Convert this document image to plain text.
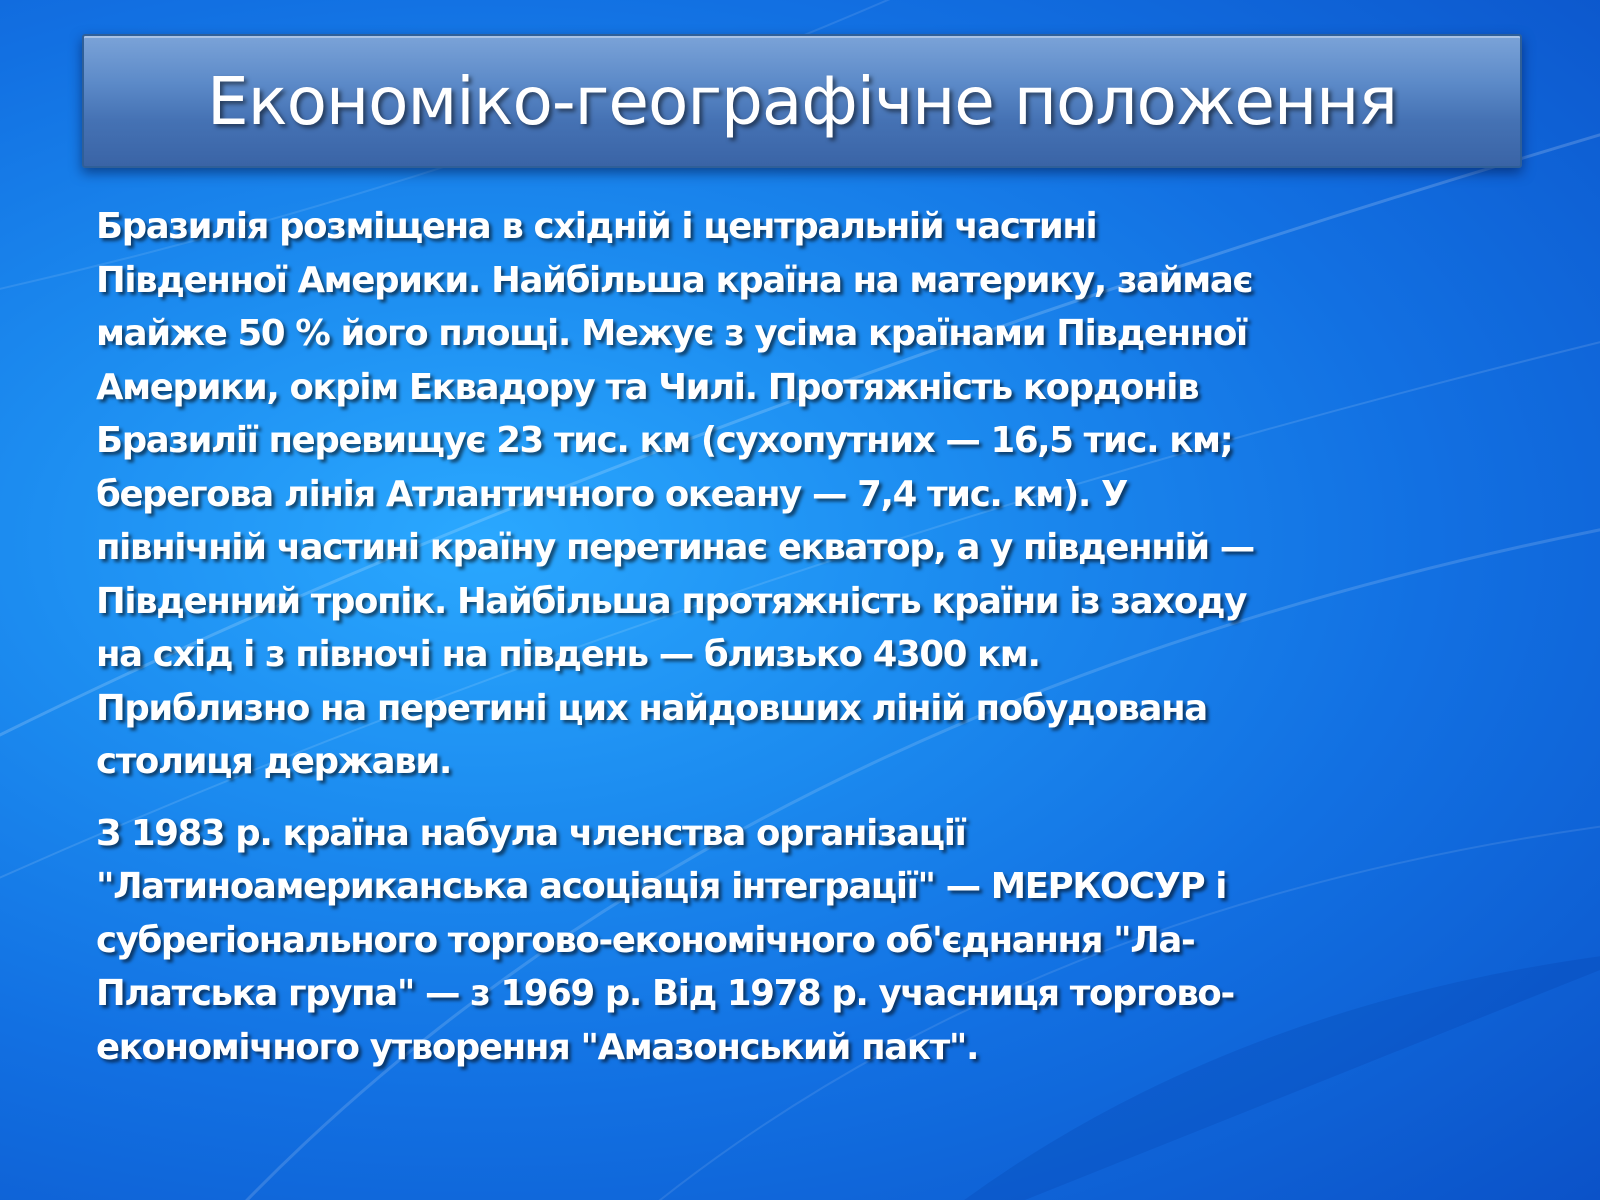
Економіко-географічне положення
Бразилія розміщена в східній і центральній частині
Південної Америки. Найбільша країна на материку, займає
майже 50 % його площі. Межує з усіма країнами Південної
Америки, окрім Еквадору та Чилі. Протяжність кордонів
Бразилії перевищує 23 тис. км (сухопутних — 16,5 тис. км;
берегова лінія Атлантичного океану — 7,4 тис. км). У
північній частині країну перетинає екватор, а у південній —
Південний тропік. Найбільша протяжність країни із заходу
на схід і з півночі на південь — близько 4300 км.
Приблизно на перетині цих найдовших ліній побудована
столиця держави.
З 1983 р. країна набула членства організації
"Латиноамериканська асоціація інтеграції" — МЕРКОСУР і
субрегіонального торгово-економічного об'єднання "Ла-
Платська група" — з 1969 р. Від 1978 р. учасниця торгово-
економічного утворення "Амазонський пакт".
